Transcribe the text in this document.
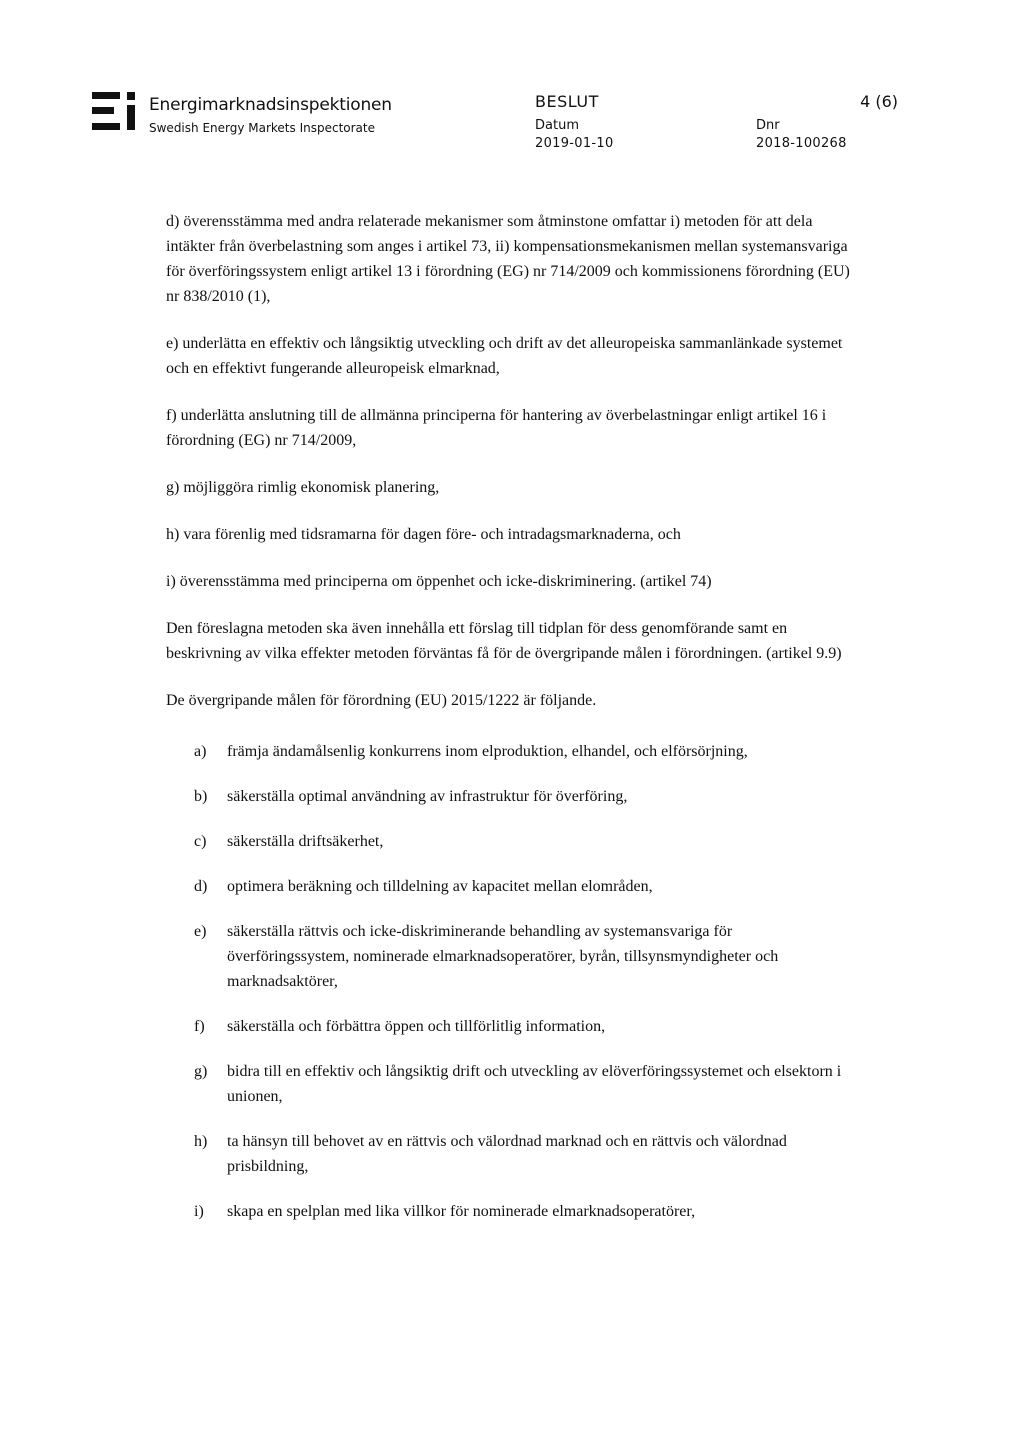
Energimarknadsinspektionen
Swedish Energy Markets Inspectorate
BESLUT	4 (6)
Datum
2019-01-10
Dnr
2018-100268

d) överensstämma med andra relaterade mekanismer som åtminstone omfattar i) metoden för att dela intäkter från överbelastning som anges i artikel 73, ii) kompensationsmekanismen mellan systemansvariga för överföringssystem enligt artikel 13 i förordning (EG) nr 714/2009 och kommissionens förordning (EU) nr 838/2010 (1),

e) underlätta en effektiv och långsiktig utveckling och drift av det alleuropeiska sammanlänkade systemet och en effektivt fungerande alleuropeisk elmarknad,

f) underlätta anslutning till de allmänna principerna för hantering av överbelastningar enligt artikel 16 i förordning (EG) nr 714/2009,

g) möjliggöra rimlig ekonomisk planering,

h) vara förenlig med tidsramarna för dagen före- och intradagsmarknaderna, och

i) överensstämma med principerna om öppenhet och icke-diskriminering. (artikel 74)

Den föreslagna metoden ska även innehålla ett förslag till tidplan för dess genomförande samt en beskrivning av vilka effekter metoden förväntas få för de övergripande målen i förordningen. (artikel 9.9)

De övergripande målen för förordning (EU) 2015/1222 är följande.

a)	främja ändamålsenlig konkurrens inom elproduktion, elhandel, och elförsörjning,
b)	säkerställa optimal användning av infrastruktur för överföring,
c)	säkerställa driftsäkerhet,
d)	optimera beräkning och tilldelning av kapacitet mellan elområden,
e)	säkerställa rättvis och icke-diskriminerande behandling av systemansvariga för överföringssystem, nominerade elmarknadsoperatörer, byrån, tillsynsmyndigheter och marknadsaktörer,
f)	säkerställa och förbättra öppen och tillförlitlig information,
g)	bidra till en effektiv och långsiktig drift och utveckling av elöverföringssystemet och elsektorn i unionen,
h)	ta hänsyn till behovet av en rättvis och välordnad marknad och en rättvis och välordnad prisbildning,
i)	skapa en spelplan med lika villkor för nominerade elmarknadsoperatörer,
